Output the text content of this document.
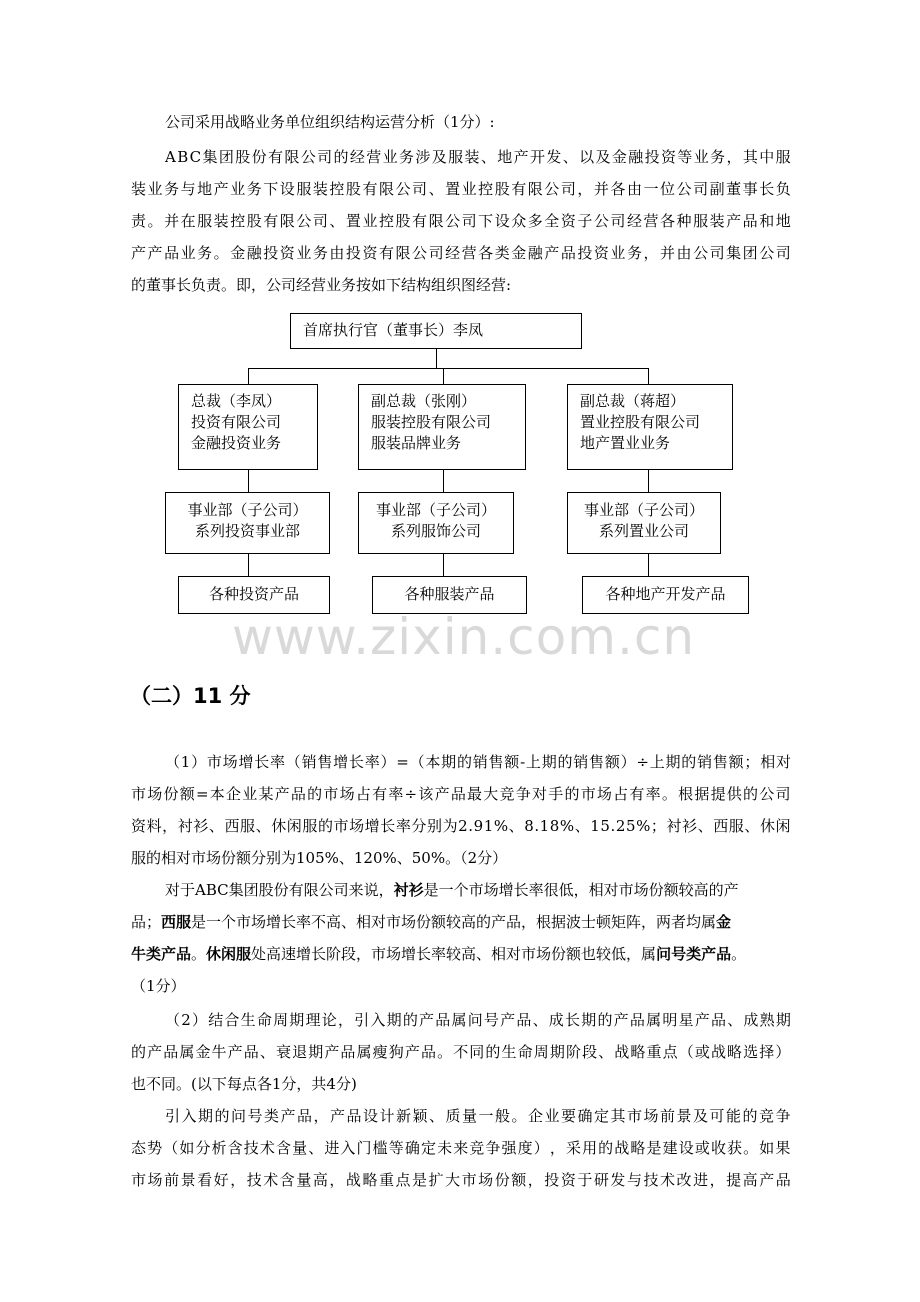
公司采用战略业务单位组织结构运营分析（1分）:
A B C 集 团 股 份 有 限 公 司 的 经 营 业 务 涉 及 服 装 、 地 产 开 发 、 以 及 金 融 投 资 等 业 务 ， 其 中 服
装 业 务 与 地 产 业 务 下 设 服 装 控 股 有 限 公 司 、 置 业 控 股 有 限 公 司 ， 并 各 由 一 位 公 司 副 董 事 长 负
责 。 并 在 服 装 控 股 有 限 公 司 、 置 业 控 股 有 限 公 司 下 设 众 多 全 资 子 公 司 经 营 各 种 服 装 产 品 和 地
产 产 品 业 务 。 金 融 投 资 业 务 由 投 资 有 限 公 司 经 营 各 类 金 融 产 品 投 资 业 务 ， 并 由 公 司 集 团 公 司
的董事长负责。即，公司经营业务按如下结构组织图经营:
首席执行官（董事长）李凤
总裁（李凤）
投资有限公司
金融投资业务
事业部（子公司）
系列投资事业部
各种投资产品
副总裁（张刚）
服装控股有限公司
服装品牌业务
事业部（子公司）
系列服饰公司
各种服装产品
副总裁（蒋超）
置业控股有限公司
地产置业业务
事业部（子公司）
系列置业公司
各种地产开发产品
www.zixin.com.cn
（二）11 分
（ 1 ） 市 场 增 长 率 （ 销 售 增 长 率 ） = （ 本 期 的 销 售 额 - 上 期 的 销 售 额 ） ÷ 上 期 的 销 售 额 ； 相 对
市 场 份 额 = 本 企 业 某 产 品 的 市 场 占 有 率 ÷ 该 产 品 最 大 竞 争 对 手 的 市 场 占 有 率 。 根 据 提 供 的 公 司
资 料 ， 衬 衫 、 西 服 、 休 闲 服 的 市 场 增 长 率 分 别 为 2 . 9 1 % 、 8 . 1 8 % 、 1 5 . 2 5 % ； 衬 衫 、 西 服 、 休 闲
服的相对市场份额分别为105%、120%、50%。（2分）
对于ABC集团股份有限公司来说，衬衫是一个市场增长率很低，相对市场份额较高的产
品；西服是一个市场增长率不高、相对市场份额较高的产品，根据波士顿矩阵，两者均属金
牛类产品。休闲服处高速增长阶段，市场增长率较高、相对市场份额也较低，属问号类产品。
（1分）
（ 2 ） 结 合 生 命 周 期 理 论 ， 引 入 期 的 产 品 属 问 号 产 品 、 成 长 期 的 产 品 属 明 星 产 品 、 成 熟 期
的 产 品 属 金 牛 产 品 、 衰 退 期 产 品 属 瘦 狗 产 品 。 不 同 的 生 命 周 期 阶 段 、 战 略 重 点 （ 或 战 略 选 择 ）
也不同。(以下每点各1分，共4分)
引 入 期 的 问 号 类 产 品 ， 产 品 设 计 新 颖 、 质 量 一 般 。 企 业 要 确 定 其 市 场 前 景 及 可 能 的 竞 争
态 势 （ 如 分 析 含 技 术 含 量 、 进 入 门 槛 等 确 定 未 来 竞 争 强 度 ） ， 采 用 的 战 略 是 建 设 或 收 获 。 如 果
市 场 前 景 看 好 ， 技 术 含 量 高 ， 战 略 重 点 是 扩 大 市 场 份 额 ， 投 资 于 研 发 与 技 术 改 进 ， 提 高 产 品
